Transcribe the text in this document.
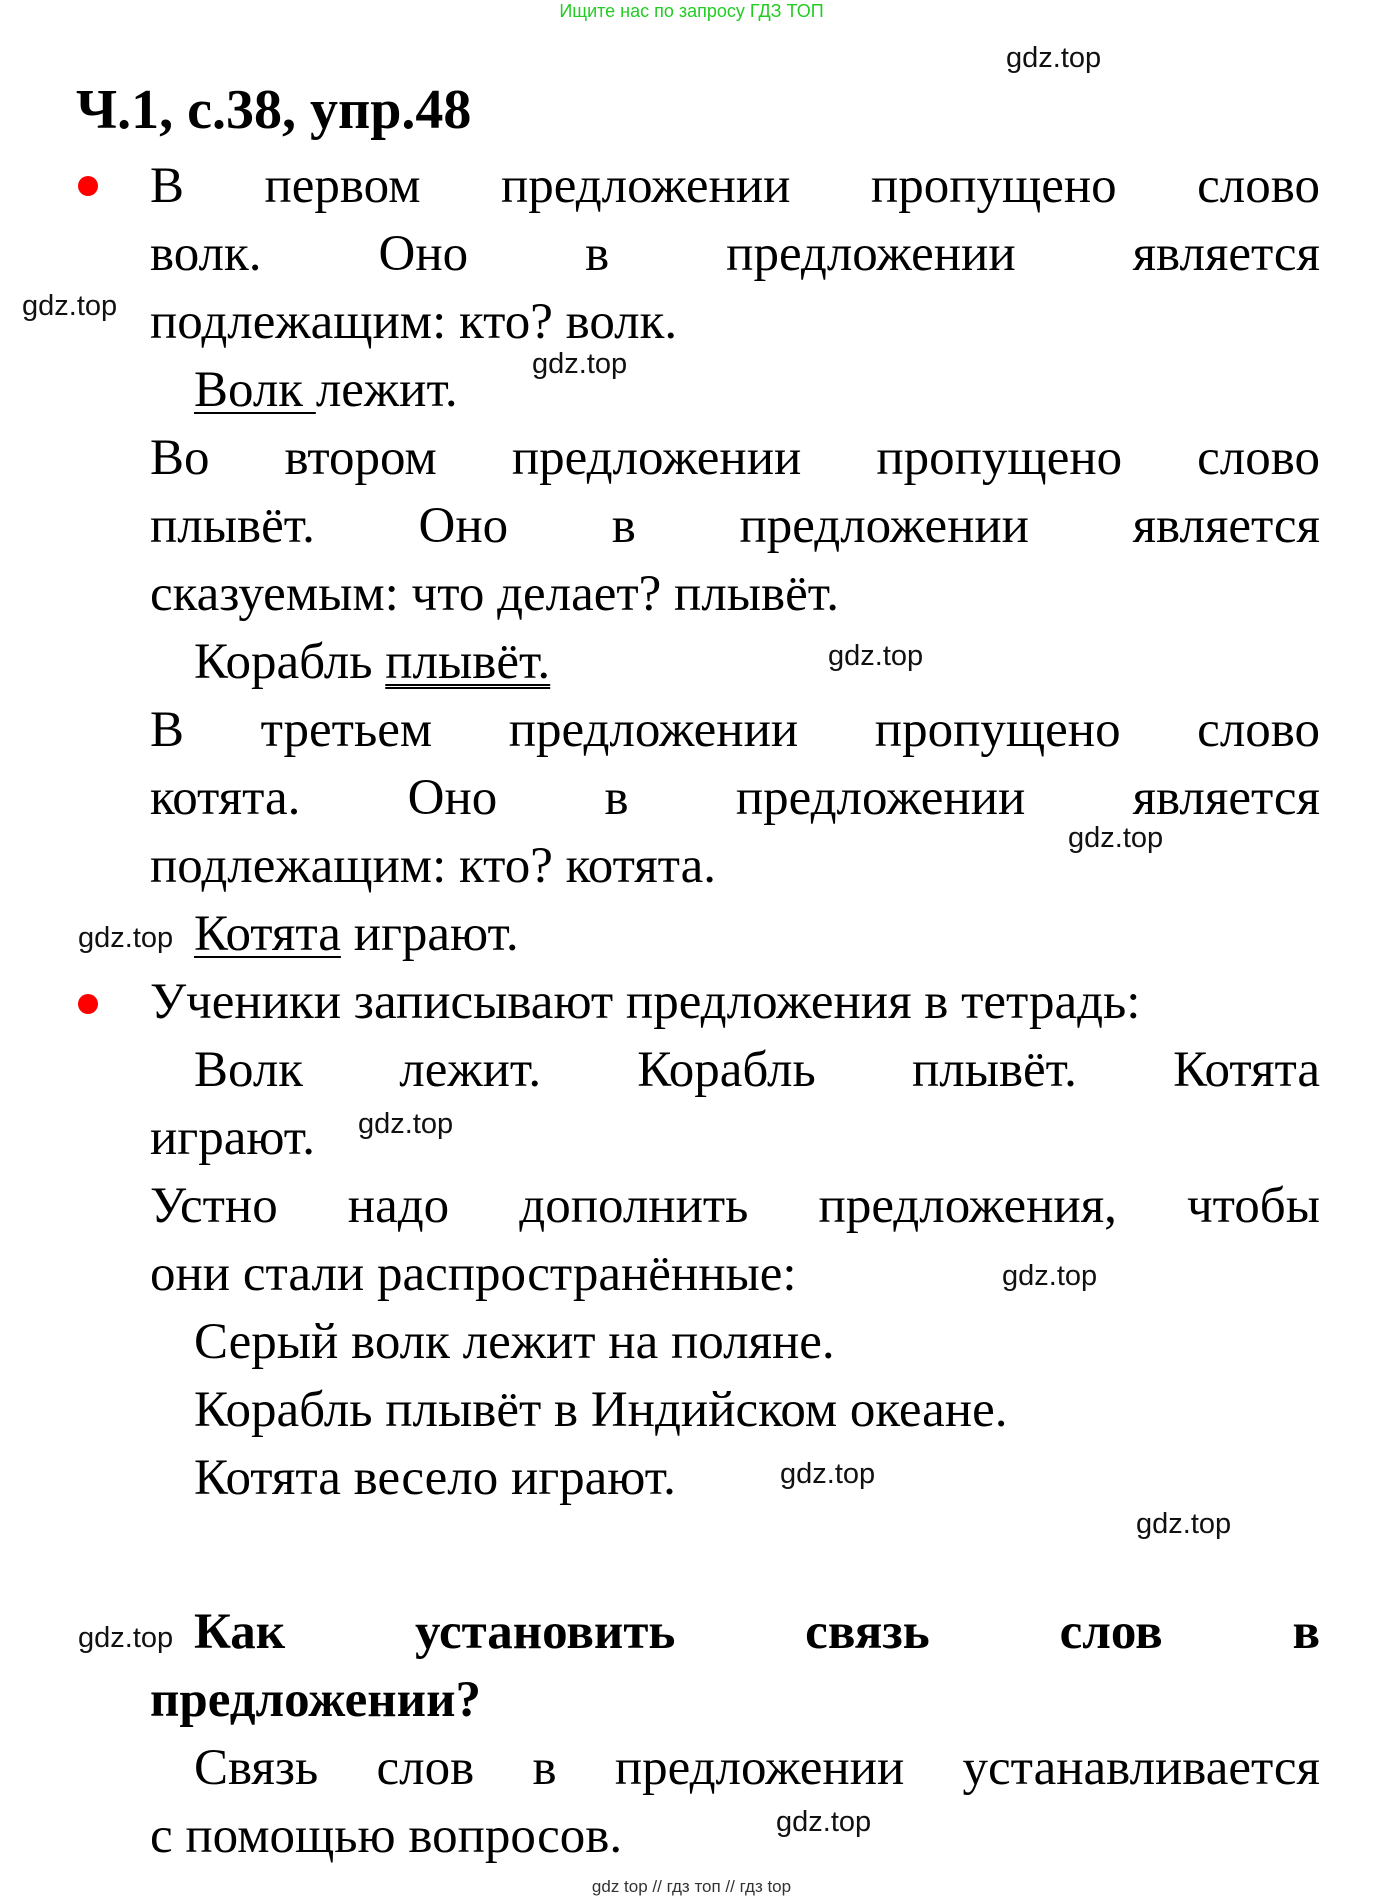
Ищите нас по запросу ГДЗ ТОП
gdz.top
Ч.1, с.38, упр.48
В первом предложении пропущено слово
волк. Оно в предложении является
gdz.top подлежащим: кто? волк.
Волк лежит.	gdz.top
Во втором предложении пропущено слово
плывёт. Оно в предложении является
сказуемым: что делает? плывёт.
Корабль плывёт.	gdz.top
В третьем предложении пропущено слово
котята. Оно в предложении является
gdz.top
подлежащим: кто? котята.
gdz.top Котята играют.
Ученики записывают предложения в тетрадь:
Волк лежит. Корабль плывёт. Котята
играют.	gdz.top
Устно надо дополнить предложения, чтобы
они стали распространённые:	gdz.top
Серый волк лежит на поляне.
Корабль плывёт в Индийском океане.
Котята весело играют.	gdz.top
gdz.top
gdz.top Как установить связь слов в
предложении?
Связь слов в предложении устанавливается
с помощью вопросов.	gdz.top
gdz top // гдз топ // гдз top
